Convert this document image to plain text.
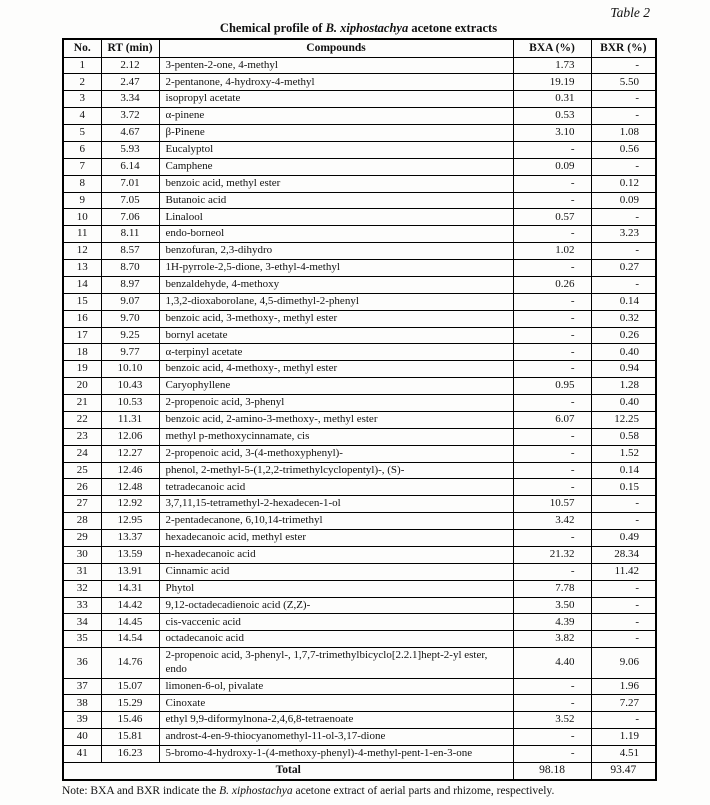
Table 2
Chemical profile of B. xiphostachya acetone extracts
No.	RT (min)	Compounds	BXA (%)	BXR (%)
1	2.12	3-penten-2-one, 4-methyl	1.73	-
2	2.47	2-pentanone, 4-hydroxy-4-methyl	19.19	5.50
3	3.34	isopropyl acetate	0.31	-
4	3.72	α-pinene	0.53	-
5	4.67	β-Pinene	3.10	1.08
6	5.93	Eucalyptol	-	0.56
7	6.14	Camphene	0.09	-
8	7.01	benzoic acid, methyl ester	-	0.12
9	7.05	Butanoic acid	-	0.09
10	7.06	Linalool	0.57	-
11	8.11	endo-borneol	-	3.23
12	8.57	benzofuran, 2,3-dihydro	1.02	-
13	8.70	1H-pyrrole-2,5-dione, 3-ethyl-4-methyl	-	0.27
14	8.97	benzaldehyde, 4-methoxy	0.26	-
15	9.07	1,3,2-dioxaborolane, 4,5-dimethyl-2-phenyl	-	0.14
16	9.70	benzoic acid, 3-methoxy-, methyl ester	-	0.32
17	9.25	bornyl acetate	-	0.26
18	9.77	α-terpinyl acetate	-	0.40
19	10.10	benzoic acid, 4-methoxy-, methyl ester	-	0.94
20	10.43	Caryophyllene	0.95	1.28
21	10.53	2-propenoic acid, 3-phenyl	-	0.40
22	11.31	benzoic acid, 2-amino-3-methoxy-, methyl ester	6.07	12.25
23	12.06	methyl p-methoxycinnamate, cis	-	0.58
24	12.27	2-propenoic acid, 3-(4-methoxyphenyl)-	-	1.52
25	12.46	phenol, 2-methyl-5-(1,2,2-trimethylcyclopentyl)-, (S)-	-	0.14
26	12.48	tetradecanoic acid	-	0.15
27	12.92	3,7,11,15-tetramethyl-2-hexadecen-1-ol	10.57	-
28	12.95	2-pentadecanone, 6,10,14-trimethyl	3.42	-
29	13.37	hexadecanoic acid, methyl ester	-	0.49
30	13.59	n-hexadecanoic acid	21.32	28.34
31	13.91	Cinnamic acid	-	11.42
32	14.31	Phytol	7.78	-
33	14.42	9,12-octadecadienoic acid (Z,Z)-	3.50	-
34	14.45	cis-vaccenic acid	4.39	-
35	14.54	octadecanoic acid	3.82	-
36	14.76	2-propenoic acid, 3-phenyl-, 1,7,7-trimethylbicyclo[2.2.1]hept-2-yl ester, endo	4.40	9.06
37	15.07	limonen-6-ol, pivalate	-	1.96
38	15.29	Cinoxate	-	7.27
39	15.46	ethyl 9,9-diformylnona-2,4,6,8-tetraenoate	3.52	-
40	15.81	androst-4-en-9-thiocyanomethyl-11-ol-3,17-dione	-	1.19
41	16.23	5-bromo-4-hydroxy-1-(4-methoxy-phenyl)-4-methyl-pent-1-en-3-one	-	4.51
Total			98.18	93.47
Note: BXA and BXR indicate the B. xiphostachya acetone extract of aerial parts and rhizome, respectively.
